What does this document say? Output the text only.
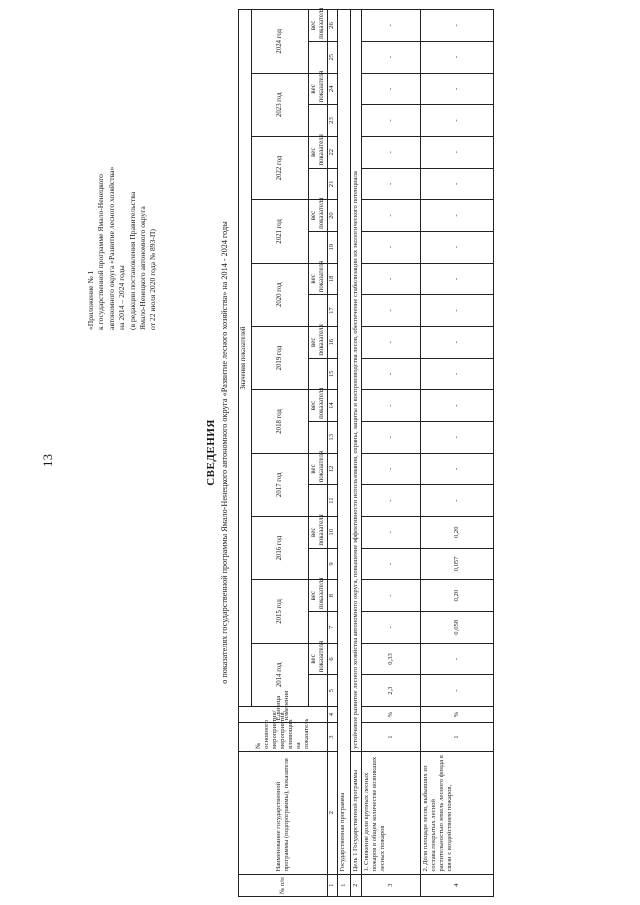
13
«Приложение № 1 к государственной программе Ямало-Ненецкого автономного округа «Развитие лесного хозяйства» на 2014 – 2024 годы (в редакции постановления Правительства Ямало-Ненецкого автономного округа от 22 июля 2020 года № 893-П)
СВЕДЕНИЯ о показателях государственной программы Ямало-Ненецкого автономного округа «Развитие лесного хозяйства» на 2014 - 2024 годы
№ п/п	Наименование государственной программы (подпрограммы), показателя	№ основного мероприятия/ мероприятия, влияющих на показатель	Единица измерения	Значения показателей																					
				2014 год		2015 год		2016 год		2017 год		2018 год		2019 год		2020 год		2021 год		2022 год		2023 год		2024 год	
					вес показателя		вес показателя		вес показателя		вес показателя		вес показателя		вес показателя		вес показателя		вес показателя		вес показателя		вес показателя		вес показателя
1	2	3	4	5	6	7	8	9	10	11	12	13	14	15	16	17	18	19	20	21	22	23	24	25	26
1	Государственная программа																								
2	Цель 1 Государственной программы	устойчивое развитие лесного хозяйства автономного округа, повышение эффективности использования, охраны, защиты и воспроизводства лесов, обеспечение стабилизации их экологического потенциала																							
3	1. Снижение доли крупных лесных пожаров в общем количестве возникших лесных пожаров	1	%	2,3	0,33	-	-	-	-	-	-	-	-	-	-	-	-	-	-	-	-	-	-	-	-
4	2. Доля площади лесов, выбывших из состава покрытых лесной растительностью земель лесного фонда в связи с воздействием пожаров,	1	%	-	-	0,058	0,20	0,057	0,20	-	-	-	-	-	-	-	-	-	-	-	-	-	-	-	-
